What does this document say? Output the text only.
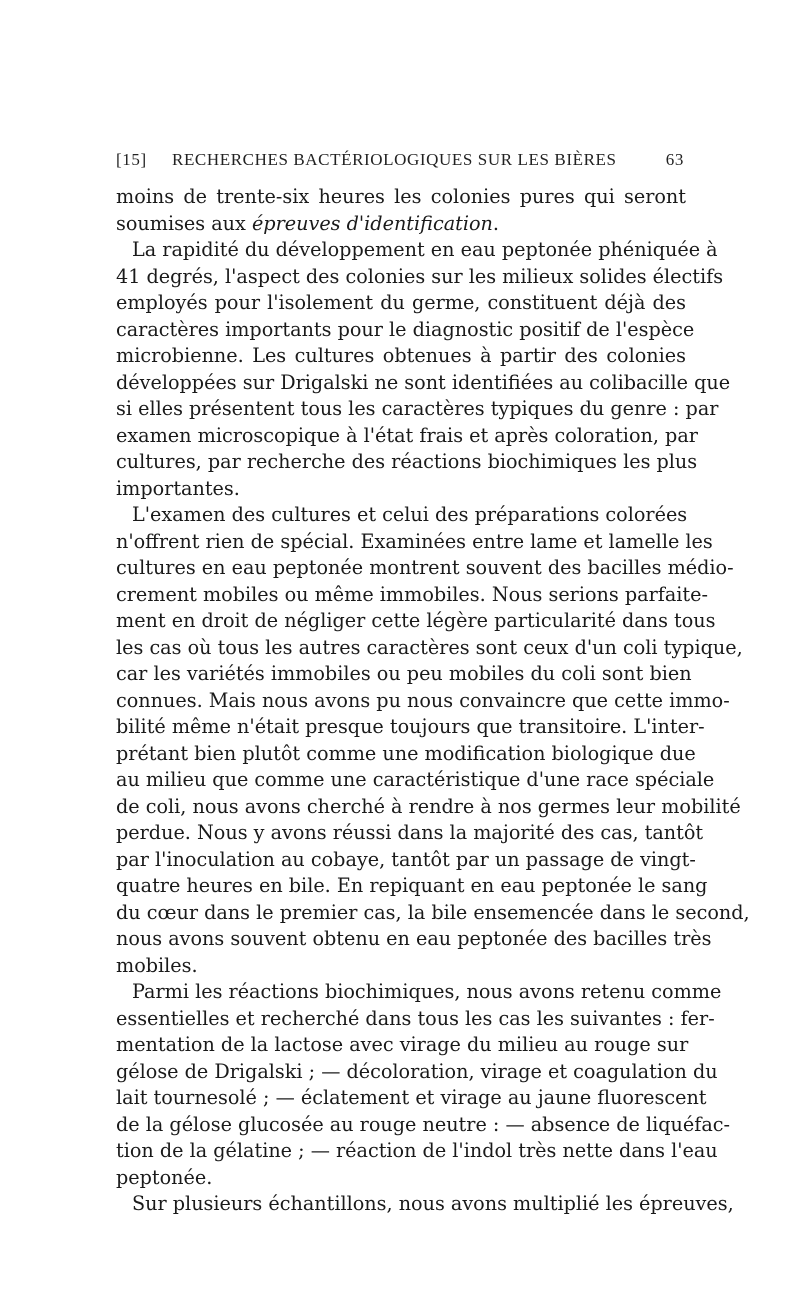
[15] RECHERCHES BACTÉRIOLOGIQUES SUR LES BIÈRES	63
moins de trente-six heures les colonies pures qui seront
soumises aux épreuves d'identification.
La rapidité du développement en eau peptonée phéniquée à
41 degrés, l'aspect des colonies sur les milieux solides électifs
employés pour l'isolement du germe, constituent déjà des
caractères importants pour le diagnostic positif de l'espèce
microbienne. Les cultures obtenues à partir des colonies
développées sur Drigalski ne sont identifiées au colibacille que
si elles présentent tous les caractères typiques du genre : par
examen microscopique à l'état frais et après coloration, par
cultures, par recherche des réactions biochimiques les plus
importantes.
L'examen des cultures et celui des préparations colorées
n'offrent rien de spécial. Examinées entre lame et lamelle les
cultures en eau peptonée montrent souvent des bacilles médio-
crement mobiles ou même immobiles. Nous serions parfaite-
ment en droit de négliger cette légère particularité dans tous
les cas où tous les autres caractères sont ceux d'un coli typique,
car les variétés immobiles ou peu mobiles du coli sont bien
connues. Mais nous avons pu nous convaincre que cette immo-
bilité même n'était presque toujours que transitoire. L'inter-
prétant bien plutôt comme une modification biologique due
au milieu que comme une caractéristique d'une race spéciale
de coli, nous avons cherché à rendre à nos germes leur mobilité
perdue. Nous y avons réussi dans la majorité des cas, tantôt
par l'inoculation au cobaye, tantôt par un passage de vingt-
quatre heures en bile. En repiquant en eau peptonée le sang
du cœur dans le premier cas, la bile ensemencée dans le second,
nous avons souvent obtenu en eau peptonée des bacilles très
mobiles.
Parmi les réactions biochimiques, nous avons retenu comme
essentielles et recherché dans tous les cas les suivantes : fer-
mentation de la lactose avec virage du milieu au rouge sur
gélose de Drigalski ; — décoloration, virage et coagulation du
lait tournesolé ; — éclatement et virage au jaune fluorescent
de la gélose glucosée au rouge neutre : — absence de liquéfac-
tion de la gélatine ; — réaction de l'indol très nette dans l'eau
peptonée.
Sur plusieurs échantillons, nous avons multiplié les épreuves,
